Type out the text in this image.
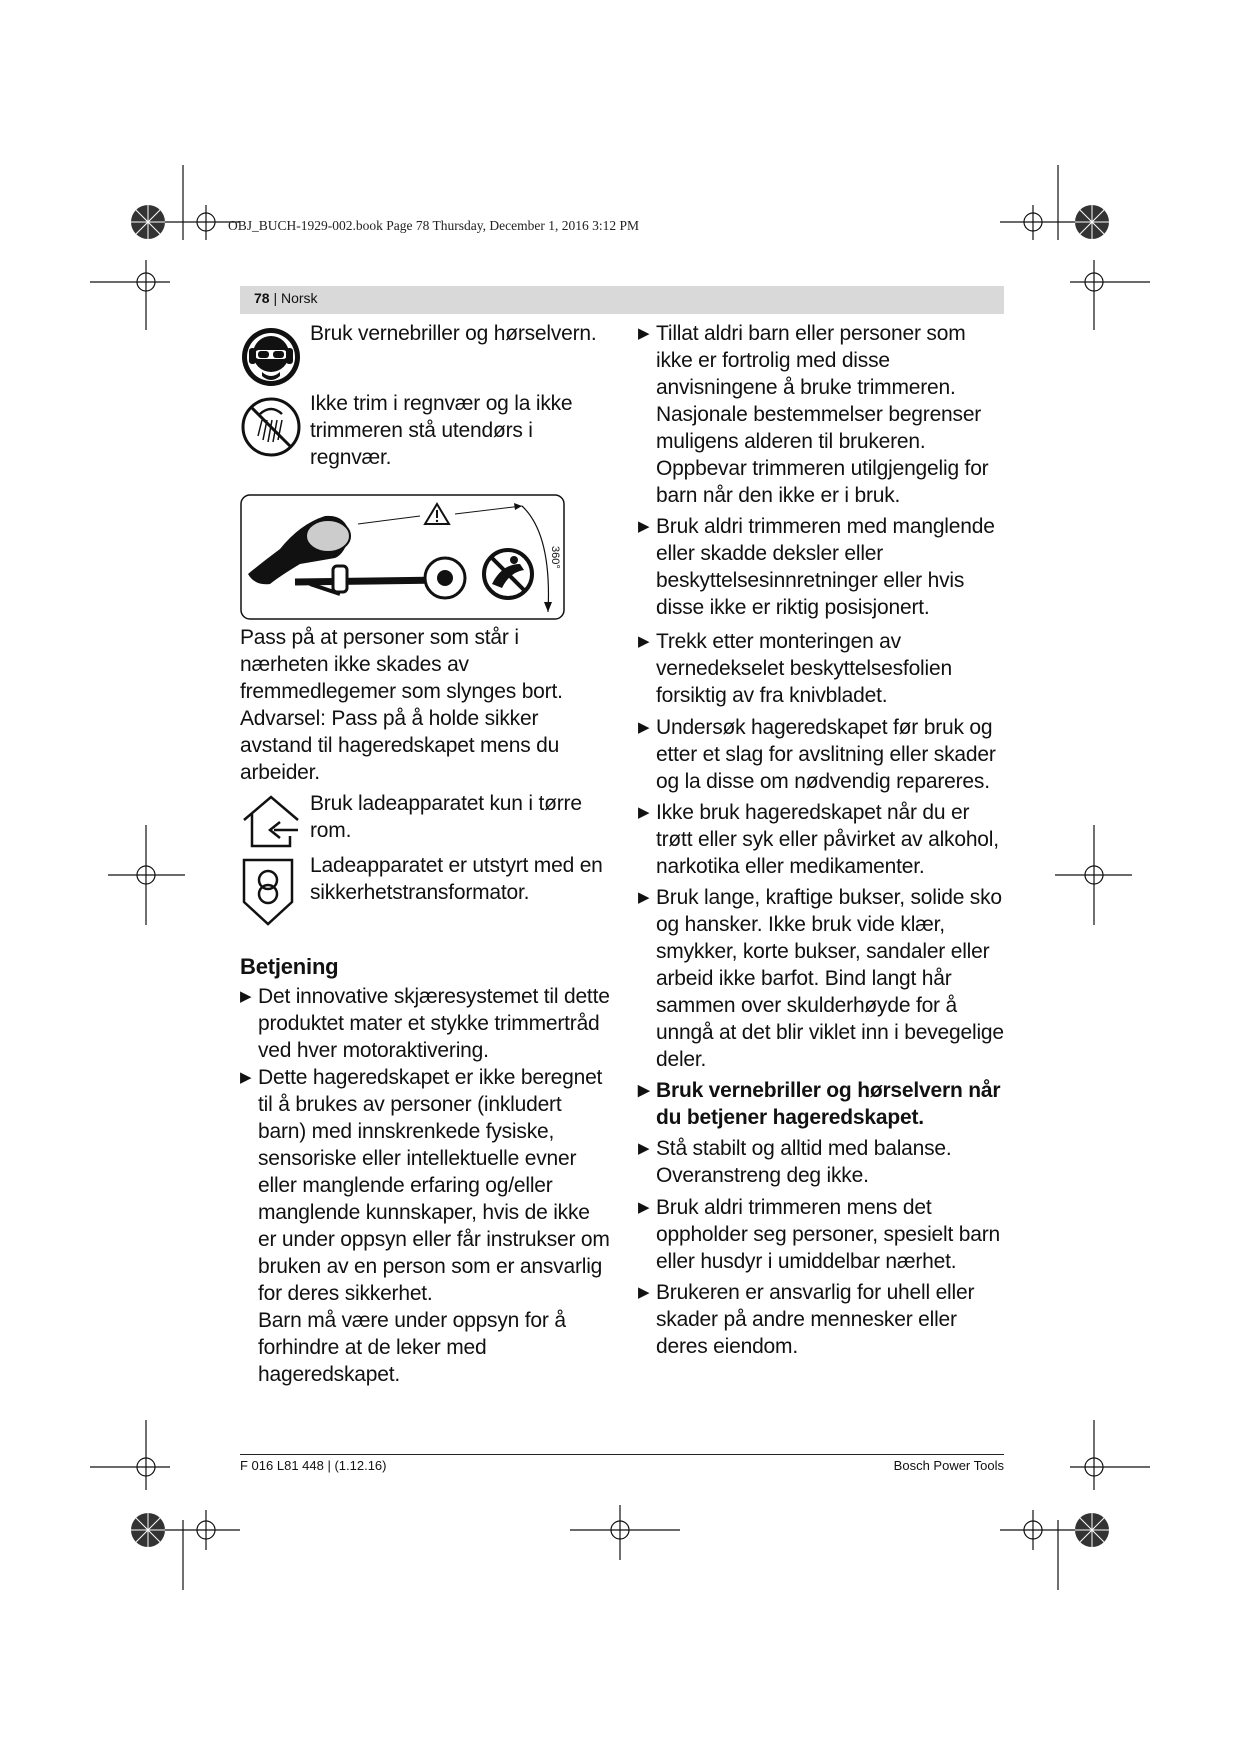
OBJ_BUCH-1929-002.book Page 78 Thursday, December 1, 2016 3:12 PM
78 | Norsk
Bruk vernebriller og hørselvern.
Ikke trim i regnvær og la ikke trimmeren stå utendørs i regnvær.
360°
Pass på at personer som står i nærheten ikke skades av fremmedlegemer som slynges bort.
Advarsel: Pass på å holde sikker avstand til hageredskapet mens du arbeider.
Bruk ladeapparatet kun i tørre rom.
Ladeapparatet er utstyrt med en sikkerhetstransformator.
Betjening
▶ Det innovative skjæresystemet til dette produktet mater et stykke trimmertråd ved hver motoraktivering.
▶ Dette hageredskapet er ikke beregnet til å brukes av personer (inkludert barn) med innskrenkede fysiske, sensoriske eller intellektuelle evner eller manglende erfaring og/eller manglende kunnskaper, hvis de ikke er under oppsyn eller får instrukser om bruken av en person som er ansvarlig for deres sikkerhet.
Barn må være under oppsyn for å forhindre at de leker med hageredskapet.
▶ Tillat aldri barn eller personer som ikke er fortrolig med disse anvisningene å bruke trimmeren. Nasjonale bestemmelser begrenser muligens alderen til brukeren. Oppbevar trimmeren utilgjengelig for barn når den ikke er i bruk.
▶ Bruk aldri trimmeren med manglende eller skadde deksler eller beskyttelsesinnretninger eller hvis disse ikke er riktig posisjonert.
▶ Trekk etter monteringen av vernedekselet beskyttelsesfolien forsiktig av fra knivbladet.
▶ Undersøk hageredskapet før bruk og etter et slag for avslitning eller skader og la disse om nødvendig repareres.
▶ Ikke bruk hageredskapet når du er trøtt eller syk eller påvirket av alkohol, narkotika eller medikamenter.
▶ Bruk lange, kraftige bukser, solide sko og hansker. Ikke bruk vide klær, smykker, korte bukser, sandaler eller arbeid ikke barfot. Bind langt hår sammen over skulderhøyde for å unngå at det blir viklet inn i bevegelige deler.
▶ Bruk vernebriller og hørselvern når du betjener hageredskapet.
▶ Stå stabilt og alltid med balanse. Overanstreng deg ikke.
▶ Bruk aldri trimmeren mens det oppholder seg personer, spesielt barn eller husdyr i umiddelbar nærhet.
▶ Brukeren er ansvarlig for uhell eller skader på andre mennesker eller deres eiendom.
F 016 L81 448 | (1.12.16)	Bosch Power Tools
